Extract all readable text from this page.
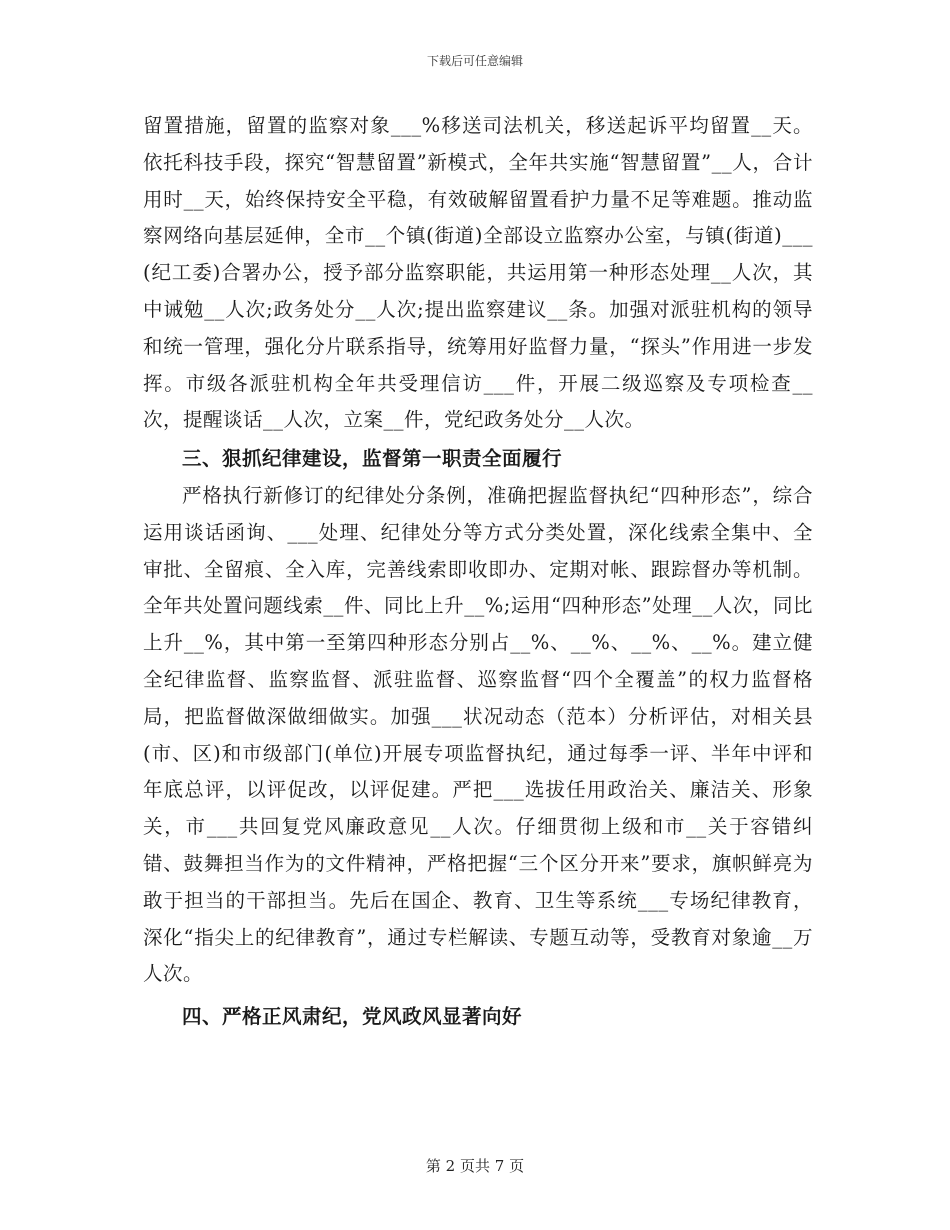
下载后可任意编辑

留置措施，留置的监察对象___%移送司法机关，移送起诉平均留置__天。依托科技手段，探究“智慧留置”新模式，全年共实施“智慧留置”__人，合计用时__天，始终保持安全平稳，有效破解留置看护力量不足等难题。推动监察网络向基层延伸，全市__个镇(街道)全部设立监察办公室，与镇(街道)___(纪工委)合署办公，授予部分监察职能，共运用第一种形态处理__人次，其中诫勉__人次;政务处分__人次;提出监察建议__条。加强对派驻机构的领导和统一管理，强化分片联系指导，统筹用好监督力量，“探头”作用进一步发挥。市级各派驻机构全年共受理信访___件，开展二级巡察及专项检查__次，提醒谈话__人次，立案__件，党纪政务处分__人次。

三、狠抓纪律建设，监督第一职责全面履行

严格执行新修订的纪律处分条例，准确把握监督执纪“四种形态”，综合运用谈话函询、___处理、纪律处分等方式分类处置，深化线索全集中、全审批、全留痕、全入库，完善线索即收即办、定期对帐、跟踪督办等机制。全年共处置问题线索__件、同比上升__%;运用“四种形态”处理__人次，同比上升__%，其中第一至第四种形态分别占__%、__%、__%、__%。建立健全纪律监督、监察监督、派驻监督、巡察监督“四个全覆盖”的权力监督格局，把监督做深做细做实。加强___状况动态（范本）分析评估，对相关县(市、区)和市级部门(单位)开展专项监督执纪，通过每季一评、半年中评和年底总评，以评促改，以评促建。严把___选拔任用政治关、廉洁关、形象关，市___共回复党风廉政意见__人次。仔细贯彻上级和市__关于容错纠错、鼓舞担当作为的文件精神，严格把握“三个区分开来”要求，旗帜鲜亮为敢于担当的干部担当。先后在国企、教育、卫生等系统___专场纪律教育，深化“指尖上的纪律教育”，通过专栏解读、专题互动等，受教育对象逾__万人次。

四、严格正风肃纪，党风政风显著向好

第 2 页共 7 页
